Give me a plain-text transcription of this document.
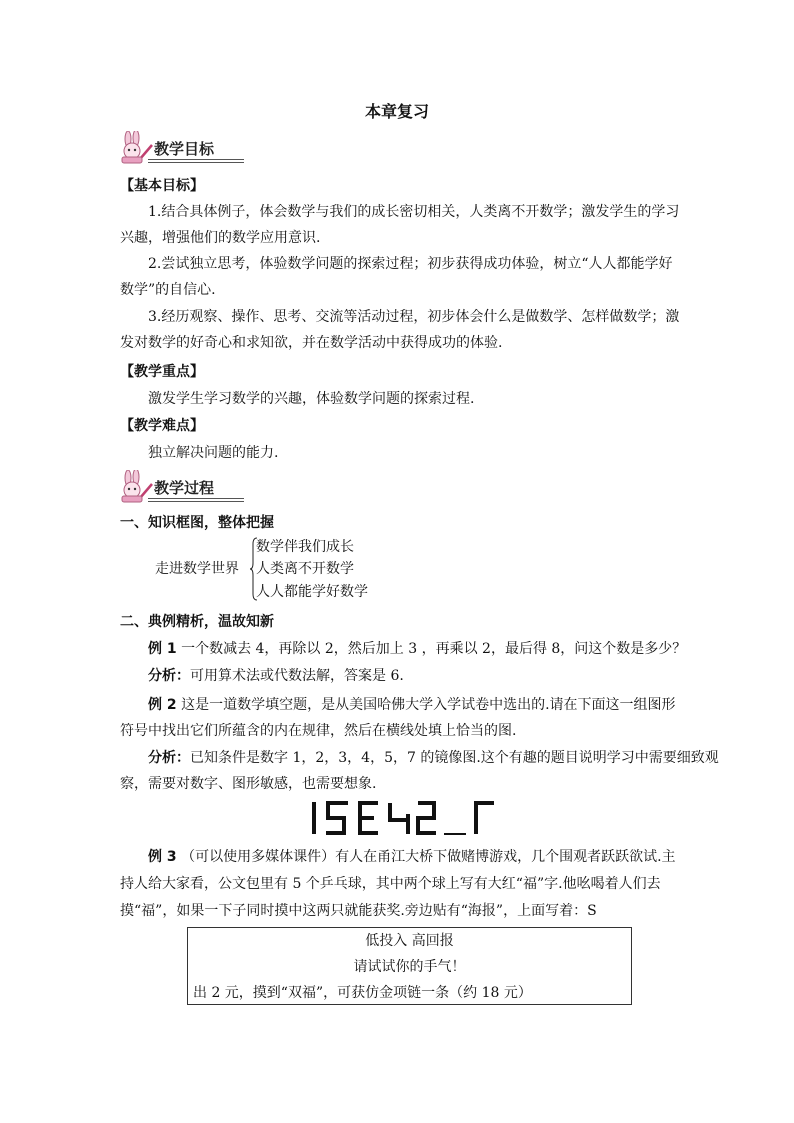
本章复习
教学目标
【基本目标】
1.结合具体例子，体会数学与我们的成长密切相关，人类离不开数学；激发学生的学习
兴趣，增强他们的数学应用意识.
2.尝试独立思考，体验数学问题的探索过程；初步获得成功体验，树立“人人都能学好
数学”的自信心.
3.经历观察、操作、思考、交流等活动过程，初步体会什么是做数学、怎样做数学；激
发对数学的好奇心和求知欲，并在数学活动中获得成功的体验.
【教学重点】
激发学生学习数学的兴趣，体验数学问题的探索过程.
【教学难点】
独立解决问题的能力.
教学过程
一、知识框图，整体把握
走进数学世界
数学伴我们成长
人类离不开数学
人人都能学好数学
二、典例精析，温故知新
例 1 一个数减去 4，再除以 2，然后加上 3 ，再乘以 2，最后得 8，问这个数是多少？
分析：可用算术法或代数法解，答案是 6.
例 2 这是一道数学填空题，是从美国哈佛大学入学试卷中选出的.请在下面这一组图形
符号中找出它们所蕴含的内在规律，然后在横线处填上恰当的图.
分析：已知条件是数字 1，2，3，4，5，7 的镜像图.这个有趣的题目说明学习中需要细致观
察，需要对数字、图形敏感，也需要想象.
例 3 （可以使用多媒体课件）有人在甬江大桥下做赌博游戏，几个围观者跃跃欲试.主
持人给大家看，公文包里有 5 个乒乓球，其中两个球上写有大红“福”字.他吆喝着人们去
摸“福”，如果一下子同时摸中这两只就能获奖.旁边贴有“海报”，上面写着：S
低投入 高回报
请试试你的手气！
出 2 元，摸到“双福”，可获仿金项链一条（约 18 元）
